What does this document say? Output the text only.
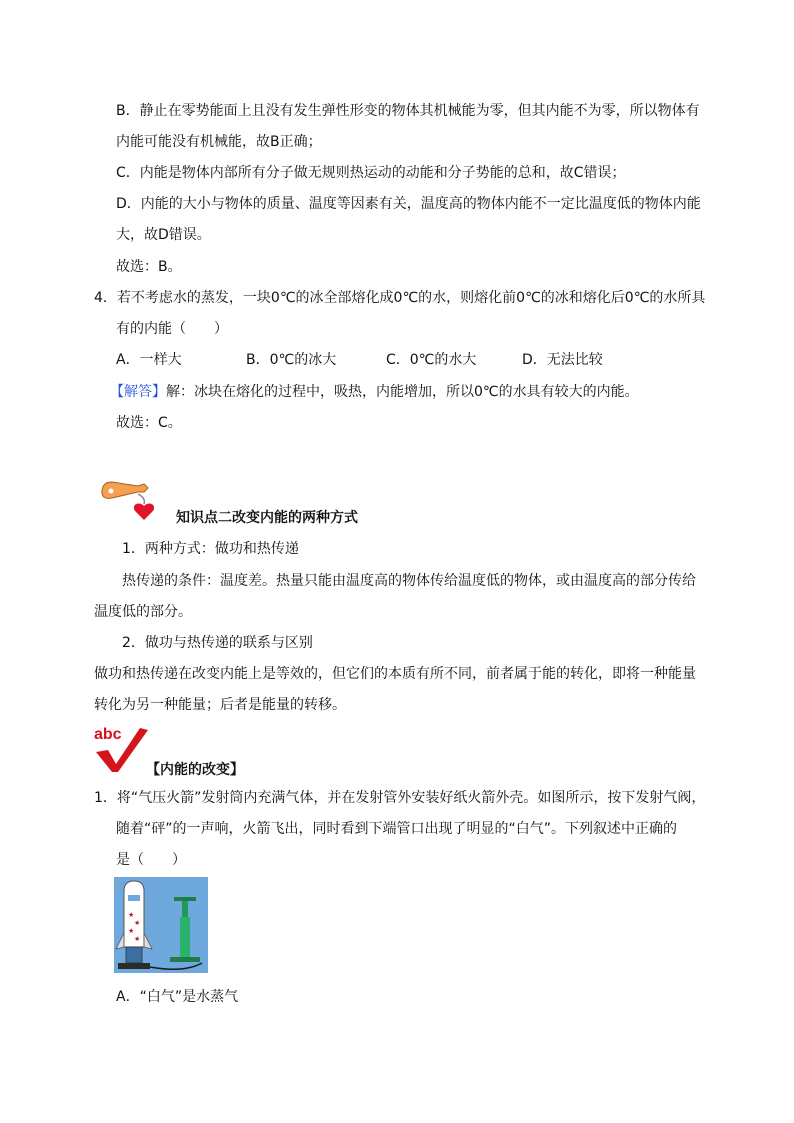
B．静止在零势能面上且没有发生弹性形变的物体其机械能为零，但其内能不为零，所以物体有
内能可能没有机械能，故B正确；
C．内能是物体内部所有分子做无规则热运动的动能和分子势能的总和，故C错误；
D．内能的大小与物体的质量、温度等因素有关，温度高的物体内能不一定比温度低的物体内能
大，故D错误。
故选：B。
4．若不考虑水的蒸发，一块0℃的冰全部熔化成0℃的水，则熔化前0℃的冰和熔化后0℃的水所具
有的内能（　　）
A．一样大	B．0℃的冰大	C．0℃的水大	D．无法比较
【解答】解：冰块在熔化的过程中，吸热，内能增加，所以0℃的水具有较大的内能。
故选：C。
知识点二改变内能的两种方式
1．两种方式：做功和热传递
热传递的条件：温度差。热量只能由温度高的物体传给温度低的物体，或由温度高的部分传给
温度低的部分。
2．做功与热传递的联系与区别
做功和热传递在改变内能上是等效的，但它们的本质有所不同，前者属于能的转化，即将一种能量
转化为另一种能量；后者是能量的转移。
abc
【内能的改变】
1．将“气压火箭”发射筒内充满气体，并在发射管外安装好纸火箭外壳。如图所示，按下发射气阀，
随着“砰”的一声响，火箭飞出，同时看到下端管口出现了明显的“白气”。下列叙述中正确的
是（　　）
★
★
★
★
A．“白气”是水蒸气
